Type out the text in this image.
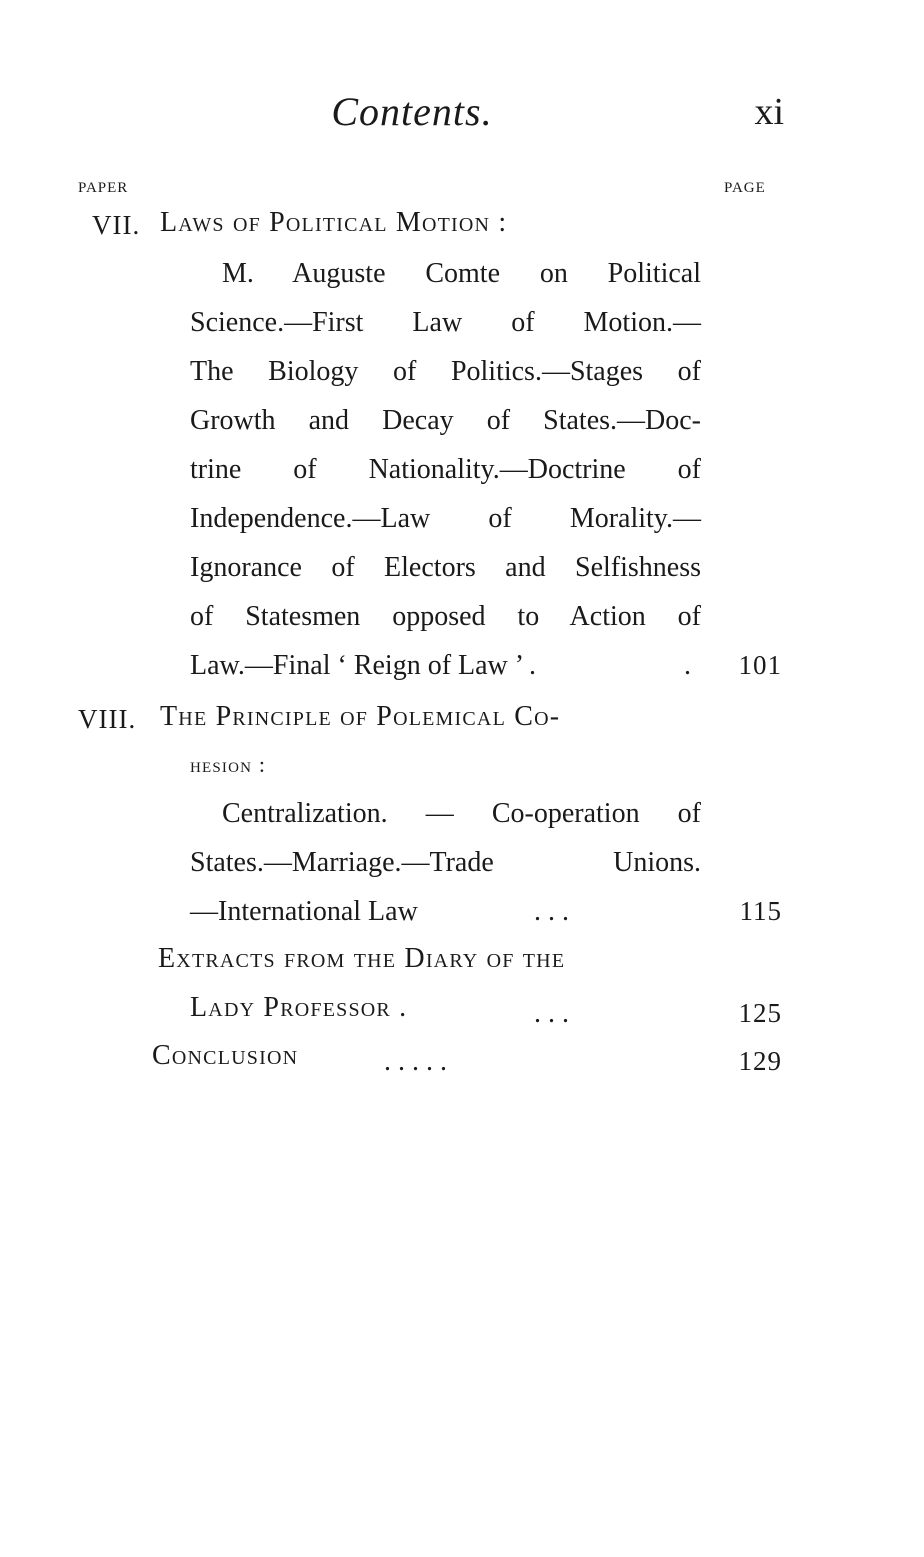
Contents.	xi
PAPER	PAGE
VII. Laws of Political Motion :
M. Auguste Comte on Political
Science.—First Law of Motion.—
The Biology of Politics.—Stages of
Growth and Decay of States.—Doc-
trine of Nationality.—Doctrine of
Independence.—Law of Morality.—
Ignorance of Electors and Selfishness
of Statesmen opposed to Action of
Law.—Final ‘ Reign of Law ’ .	.	101
VIII. The Principle of Polemical Co-
hesion :
Centralization. — Co-operation of
States.—Marriage.—Trade Unions.
—International Law	. . .	115
Extracts from the Diary of the
Lady Professor .	. . .	125
Conclusion	. . . . .	129
